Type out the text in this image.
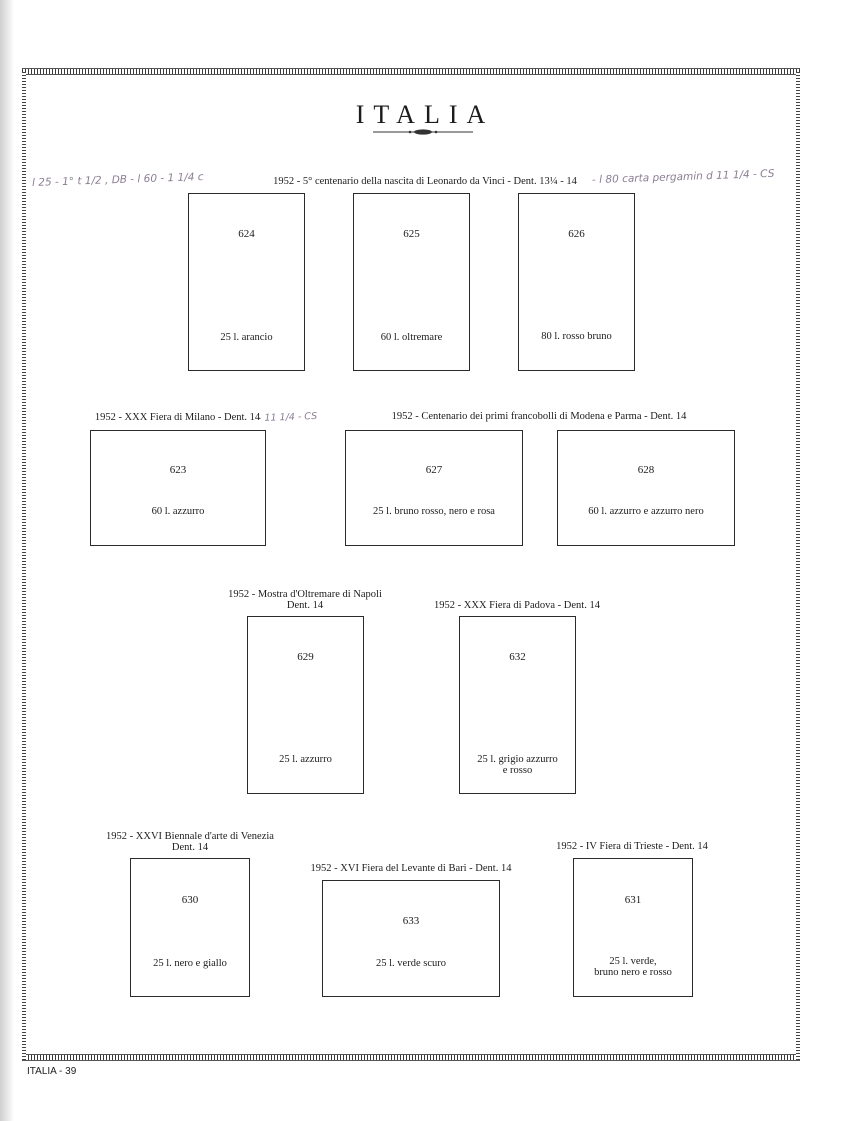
ITALIA
l 25 - 1° t 1/2 , DB - l 60 - 1 1/4 c	- l 80 carta pergamin d 11 1/4 - CS
- 11 1/4 - CS
1952 - 5° centenario della nascita di Leonardo da Vinci - Dent. 13¼ - 14
624
25 l. arancio
625
60 l. oltremare
626
80 l. rosso bruno
1952 - XXX Fiera di Milano - Dent. 14	1952 - Centenario dei primi francobolli di Modena e Parma - Dent. 14
623
60 l. azzurro
627
25 l. bruno rosso, nero e rosa
628
60 l. azzurro e azzurro nero
1952 - Mostra d'Oltremare di Napoli
Dent. 14	1952 - XXX Fiera di Padova - Dent. 14
629
25 l. azzurro
632
25 l. grigio azzurro
e rosso
1952 - XXVI Biennale d'arte di Venezia
Dent. 14
1952 - XVI Fiera del Levante di Bari - Dent. 14
1952 - IV Fiera di Trieste - Dent. 14
630
25 l. nero e giallo
633
25 l. verde scuro
631
25 l. verde,
bruno nero e rosso
ITALIA - 39
